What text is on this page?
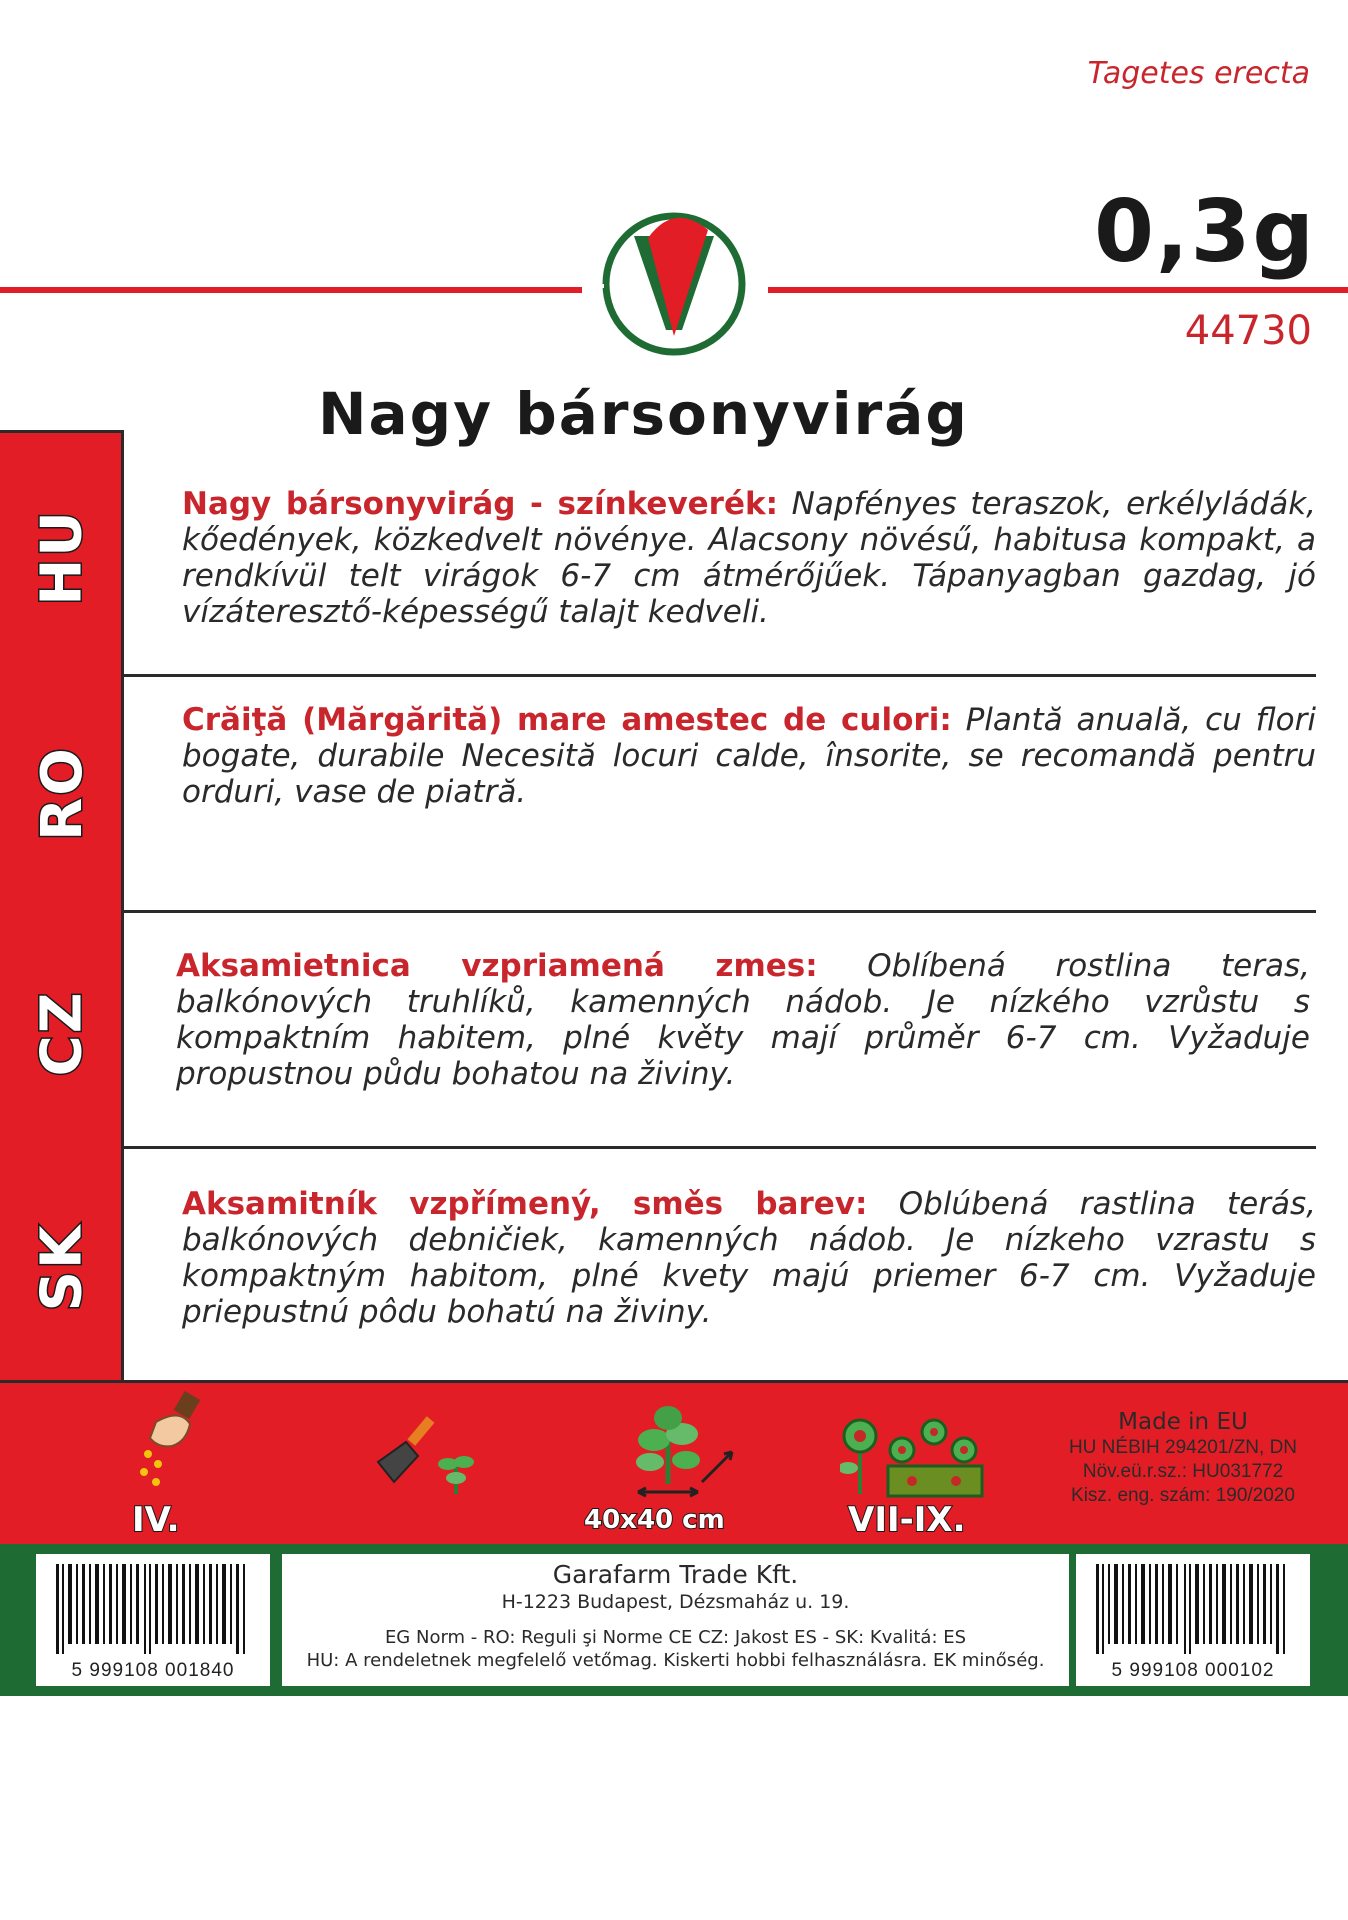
Tagetes erecta
0,3g
44730
Nagy bársonyvirág
HU
RO
CZ
SK
Nagy bársonyvirág - színkeverék: Napfényes teraszok, erkélyládák, kőedények, közkedvelt növénye. Alacsony növésű, habitusa kompakt, a rendkívül telt virágok 6-7 cm átmérőjűek. Tápanyagban gazdag, jó vízáteresztő-képességű talajt kedveli.
Crăiţă (Mărgărită) mare amestec de culori: Plantă anuală, cu flori bogate, durabile Necesită locuri calde, însorite, se recomandă pentru orduri, vase de piatră.
Aksamietnica vzpriamená zmes: Oblíbená rostlina teras, balkónových truhlíků, kamenných nádob. Je nízkého vzrůstu s kompaktním habitem, plné květy mají průměr 6-7 cm. Vyžaduje propustnou půdu bohatou na živiny.
Aksamitník vzpřímený, směs barev: Oblúbená rastlina terás, balkónových debničiek, kamenných nádob. Je nízkeho vzrastu s kompaktným habitom, plné kvety majú priemer 6-7 cm. Vyžaduje priepustnú pôdu bohatú na živiny.
IV.	40x40 cm	VII-IX.
Made in EU
HU NÉBIH 294201/ZN, DN
Növ.eü.r.sz.: HU031772
Kisz. eng. szám: 190/2020
5 999108 001840
Garafarm Trade Kft.
H-1223 Budapest, Dézsmaház u. 19.
EG Norm - RO: Reguli şi Norme CE CZ: Jakost ES - SK: Kvalitá: ES
HU: A rendeletnek megfelelő vetőmag. Kiskerti hobbi felhasználásra. EK minőség.	5 999108 000102
